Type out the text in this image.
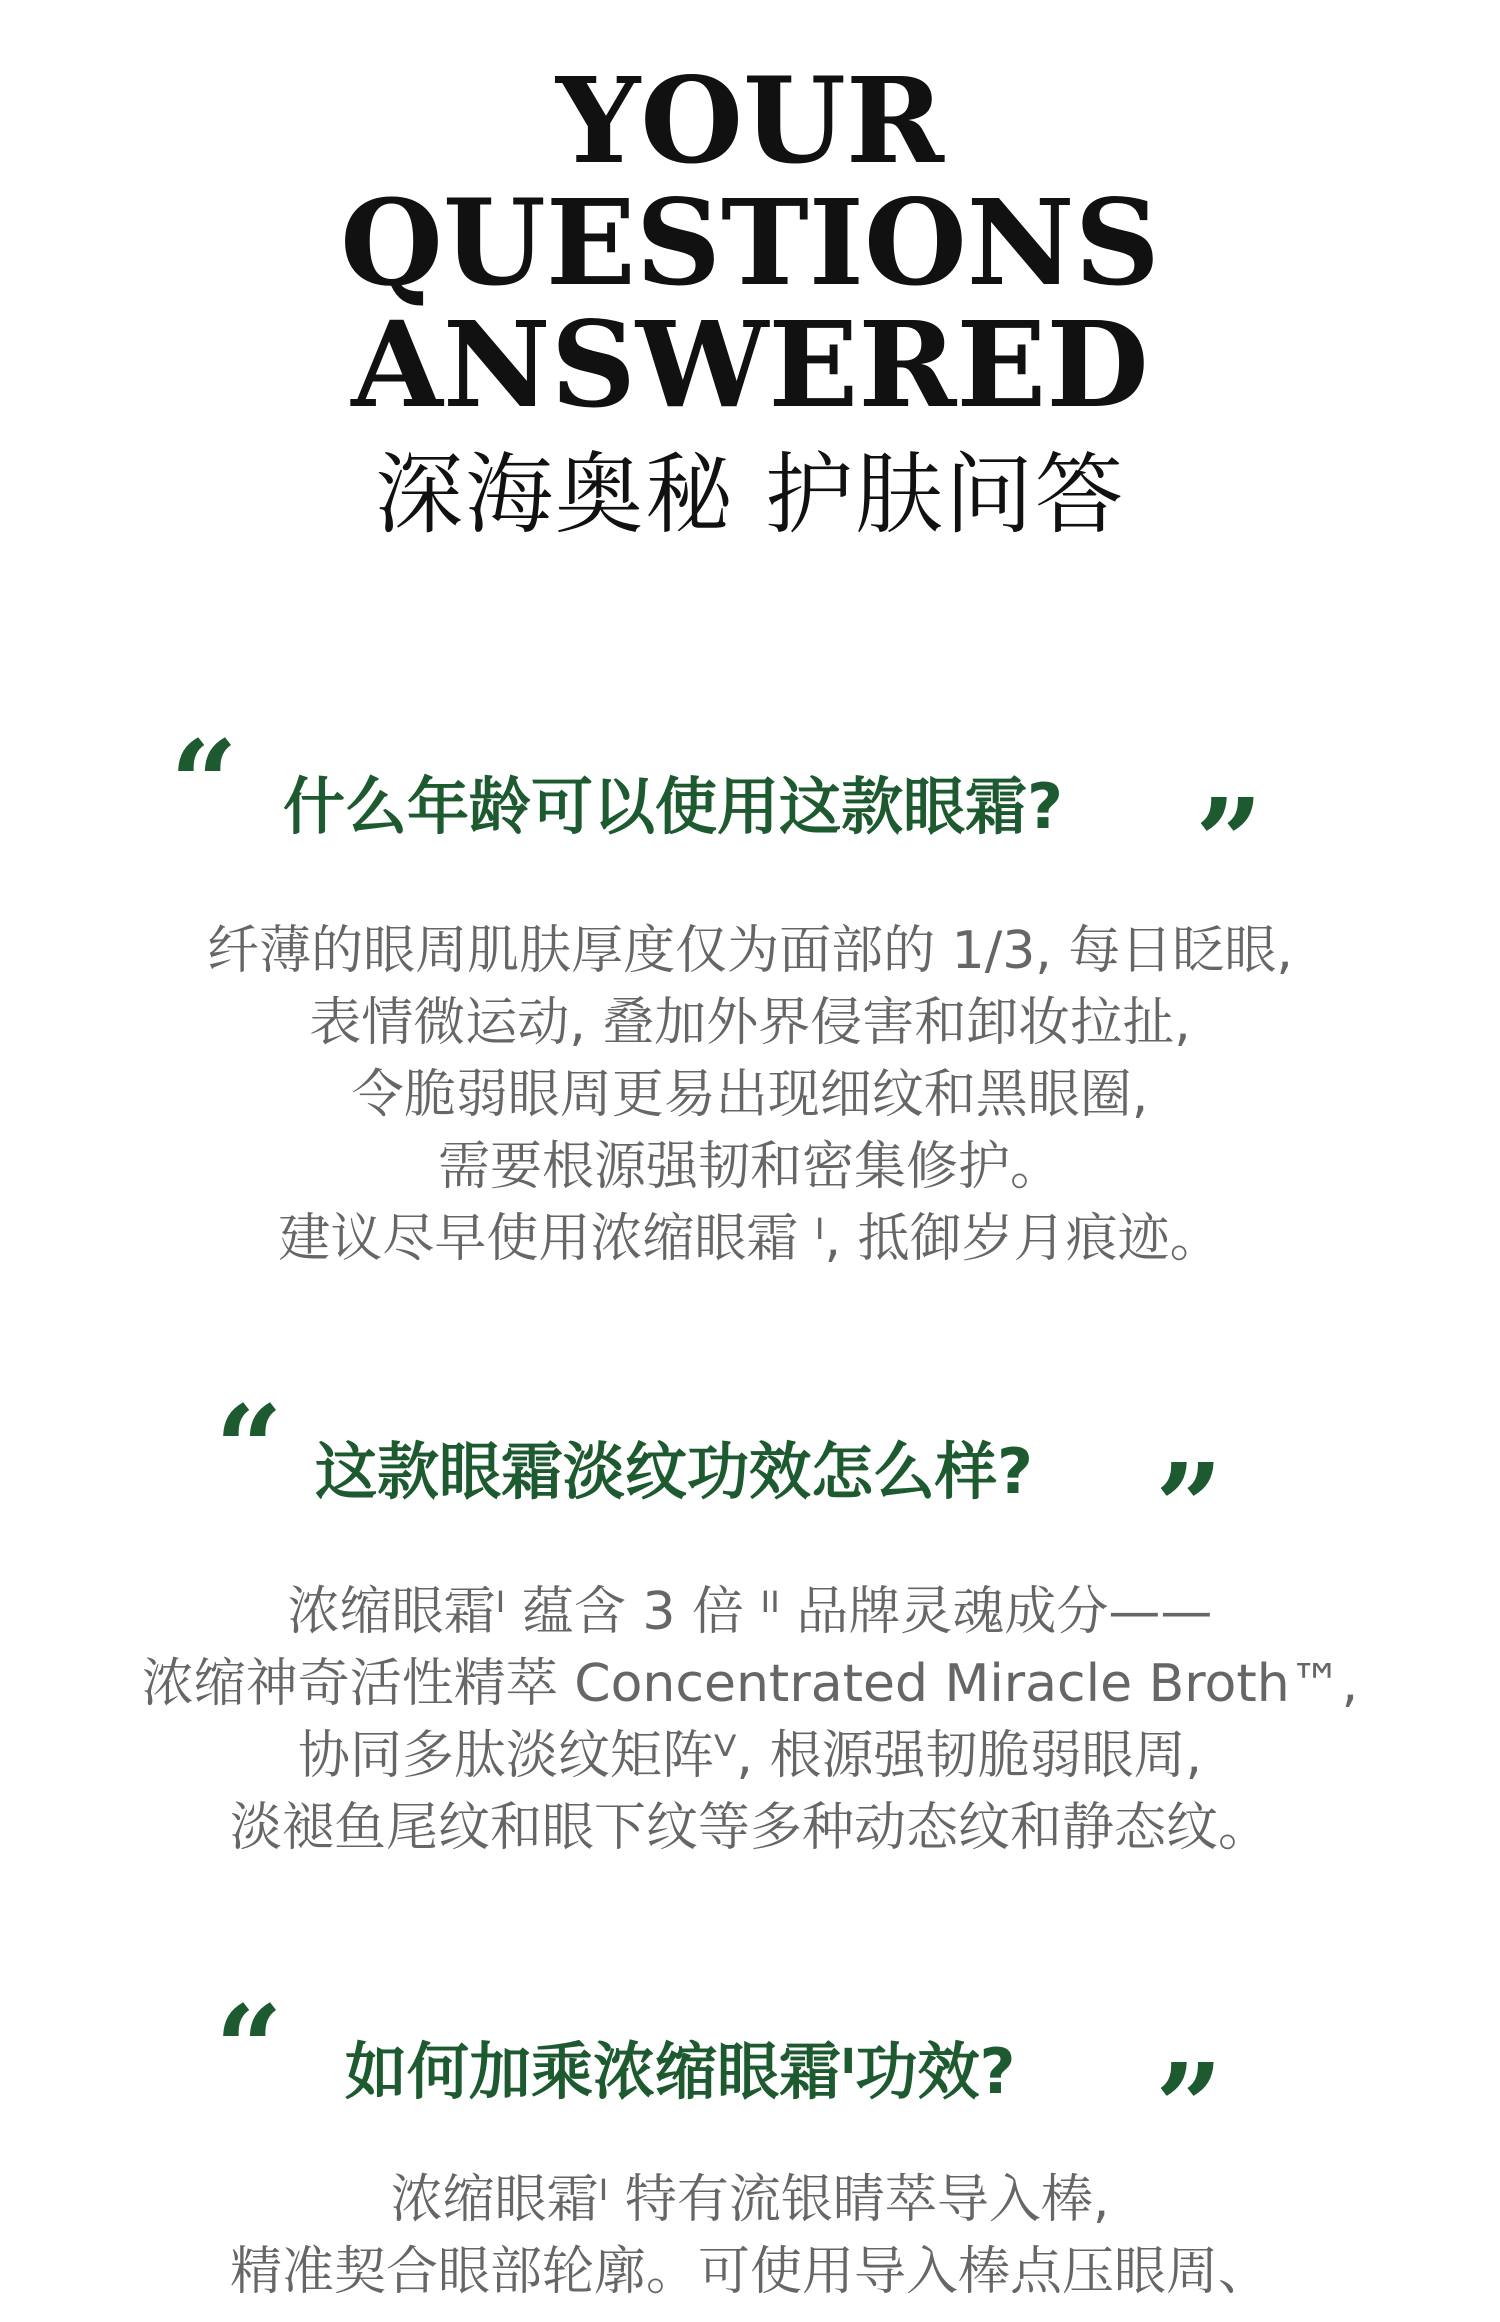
YOUR
QUESTIONS
ANSWERED
深海奥秘 护肤问答
“ 什么年龄可以使用这款眼霜? ”
纤薄的眼周肌肤厚度仅为面部的 1/3, 每日眨眼,
表情微运动, 叠加外界侵害和卸妆拉扯,
令脆弱眼周更易出现细纹和黑眼圈,
需要根源强韧和密集修护。
建议尽早使用浓缩眼霜 ᴵ, 抵御岁月痕迹。
“ 这款眼霜淡纹功效怎么样? ”
浓缩眼霜ᴵ 蕴含 3 倍 ᴵᴵ 品牌灵魂成分——
浓缩神奇活性精萃 Concentrated Miracle Broth™,
协同多肽淡纹矩阵ⱽ, 根源强韧脆弱眼周,
淡褪鱼尾纹和眼下纹等多种动态纹和静态纹。
“ 如何加乘浓缩眼霜ᴵ功效? ”
浓缩眼霜ᴵ 特有流银睛萃导入棒,
精准契合眼部轮廓。可使用导入棒点压眼周、
